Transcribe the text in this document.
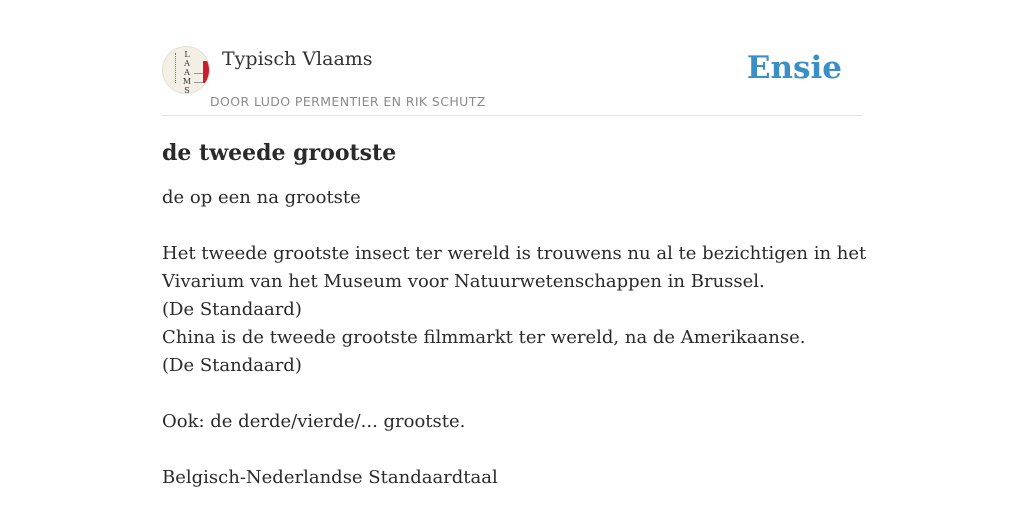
L A A M S
Typisch Vlaams
DOOR LUDO PERMENTIER EN RIK SCHUTZ
Ensie
de tweede grootste
de op een na grootste
Het tweede grootste insect ter wereld is trouwens nu al te bezichtigen in het
Vivarium van het Museum voor Natuurwetenschappen in Brussel.
(De Standaard)
China is de tweede grootste filmmarkt ter wereld, na de Amerikaanse.
(De Standaard)
Ook: de derde/vierde/... grootste.
Belgisch-Nederlandse Standaardtaal
